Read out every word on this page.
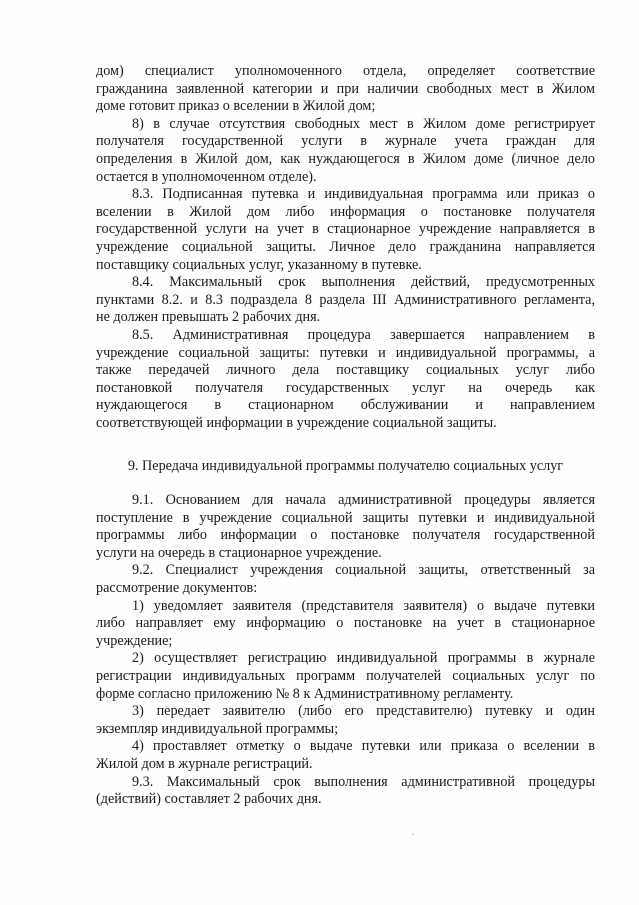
дом) специалист уполномоченного отдела, определяет соответствие
гражданина заявленной категории и при наличии свободных мест в Жилом
доме готовит приказ о вселении в Жилой дом;
8) в случае отсутствия свободных мест в Жилом доме регистрирует
получателя государственной услуги в журнале учета граждан для
определения в Жилой дом, как нуждающегося в Жилом доме (личное дело
остается в уполномоченном отделе).
8.3. Подписанная путевка и индивидуальная программа или приказ о
вселении в Жилой дом либо информация о постановке получателя
государственной услуги на учет в стационарное учреждение направляется в
учреждение социальной защиты. Личное дело гражданина направляется
поставщику социальных услуг, указанному в путевке.
8.4. Максимальный срок выполнения действий, предусмотренных
пунктами 8.2. и 8.3 подраздела 8 раздела III Административного регламента,
не должен превышать 2 рабочих дня.
8.5. Административная процедура завершается направлением в
учреждение социальной защиты: путевки и индивидуальной программы, а
также передачей личного дела поставщику социальных услуг либо
постановкой получателя государственных услуг на очередь как
нуждающегося в стационарном обслуживании и направлением
соответствующей информации в учреждение социальной защиты.
9. Передача индивидуальной программы получателю социальных услуг
9.1. Основанием для начала административной процедуры является
поступление в учреждение социальной защиты путевки и индивидуальной
программы либо информации о постановке получателя государственной
услуги на очередь в стационарное учреждение.
9.2. Специалист учреждения социальной защиты, ответственный за
рассмотрение документов:
1) уведомляет заявителя (представителя заявителя) о выдаче путевки
либо направляет ему информацию о постановке на учет в стационарное
учреждение;
2) осуществляет регистрацию индивидуальной программы в журнале
регистрации индивидуальных программ получателей социальных услуг по
форме согласно приложению № 8 к Административному регламенту.
3) передает заявителю (либо его представителю) путевку и один
экземпляр индивидуальной программы;
4) проставляет отметку о выдаче путевки или приказа о вселении в
Жилой дом в журнале регистраций.
9.3. Максимальный срок выполнения административной процедуры
(действий) составляет 2 рабочих дня.
